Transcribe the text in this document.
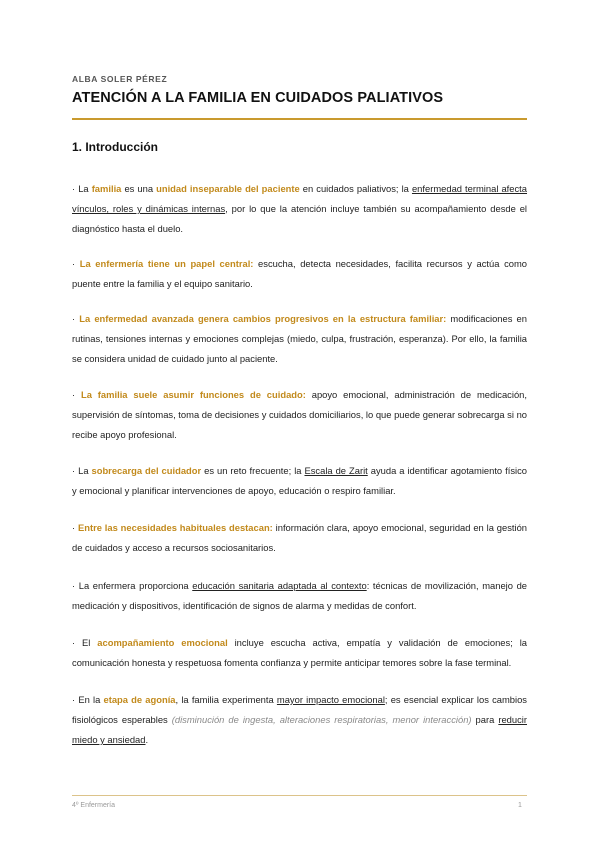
ALBA SOLER PÉREZ
ATENCIÓN A LA FAMILIA EN CUIDADOS PALIATIVOS
1. Introducción
· La familia es una unidad inseparable del paciente en cuidados paliativos; la enfermedad terminal afecta vínculos, roles y dinámicas internas, por lo que la atención incluye también su acompañamiento desde el diagnóstico hasta el duelo.
· La enfermería tiene un papel central: escucha, detecta necesidades, facilita recursos y actúa como puente entre la familia y el equipo sanitario.
· La enfermedad avanzada genera cambios progresivos en la estructura familiar: modificaciones en rutinas, tensiones internas y emociones complejas (miedo, culpa, frustración, esperanza). Por ello, la familia se considera unidad de cuidado junto al paciente.
· La familia suele asumir funciones de cuidado: apoyo emocional, administración de medicación, supervisión de síntomas, toma de decisiones y cuidados domiciliarios, lo que puede generar sobrecarga si no recibe apoyo profesional.
· La sobrecarga del cuidador es un reto frecuente; la Escala de Zarit ayuda a identificar agotamiento físico y emocional y planificar intervenciones de apoyo, educación o respiro familiar.
· Entre las necesidades habituales destacan: información clara, apoyo emocional, seguridad en la gestión de cuidados y acceso a recursos sociosanitarios.
· La enfermera proporciona educación sanitaria adaptada al contexto: técnicas de movilización, manejo de medicación y dispositivos, identificación de signos de alarma y medidas de confort.
· El acompañamiento emocional incluye escucha activa, empatía y validación de emociones; la comunicación honesta y respetuosa fomenta confianza y permite anticipar temores sobre la fase terminal.
· En la etapa de agonía, la familia experimenta mayor impacto emocional; es esencial explicar los cambios fisiológicos esperables (disminución de ingesta, alteraciones respiratorias, menor interacción) para reducir miedo y ansiedad.
4º Enfermería	1
